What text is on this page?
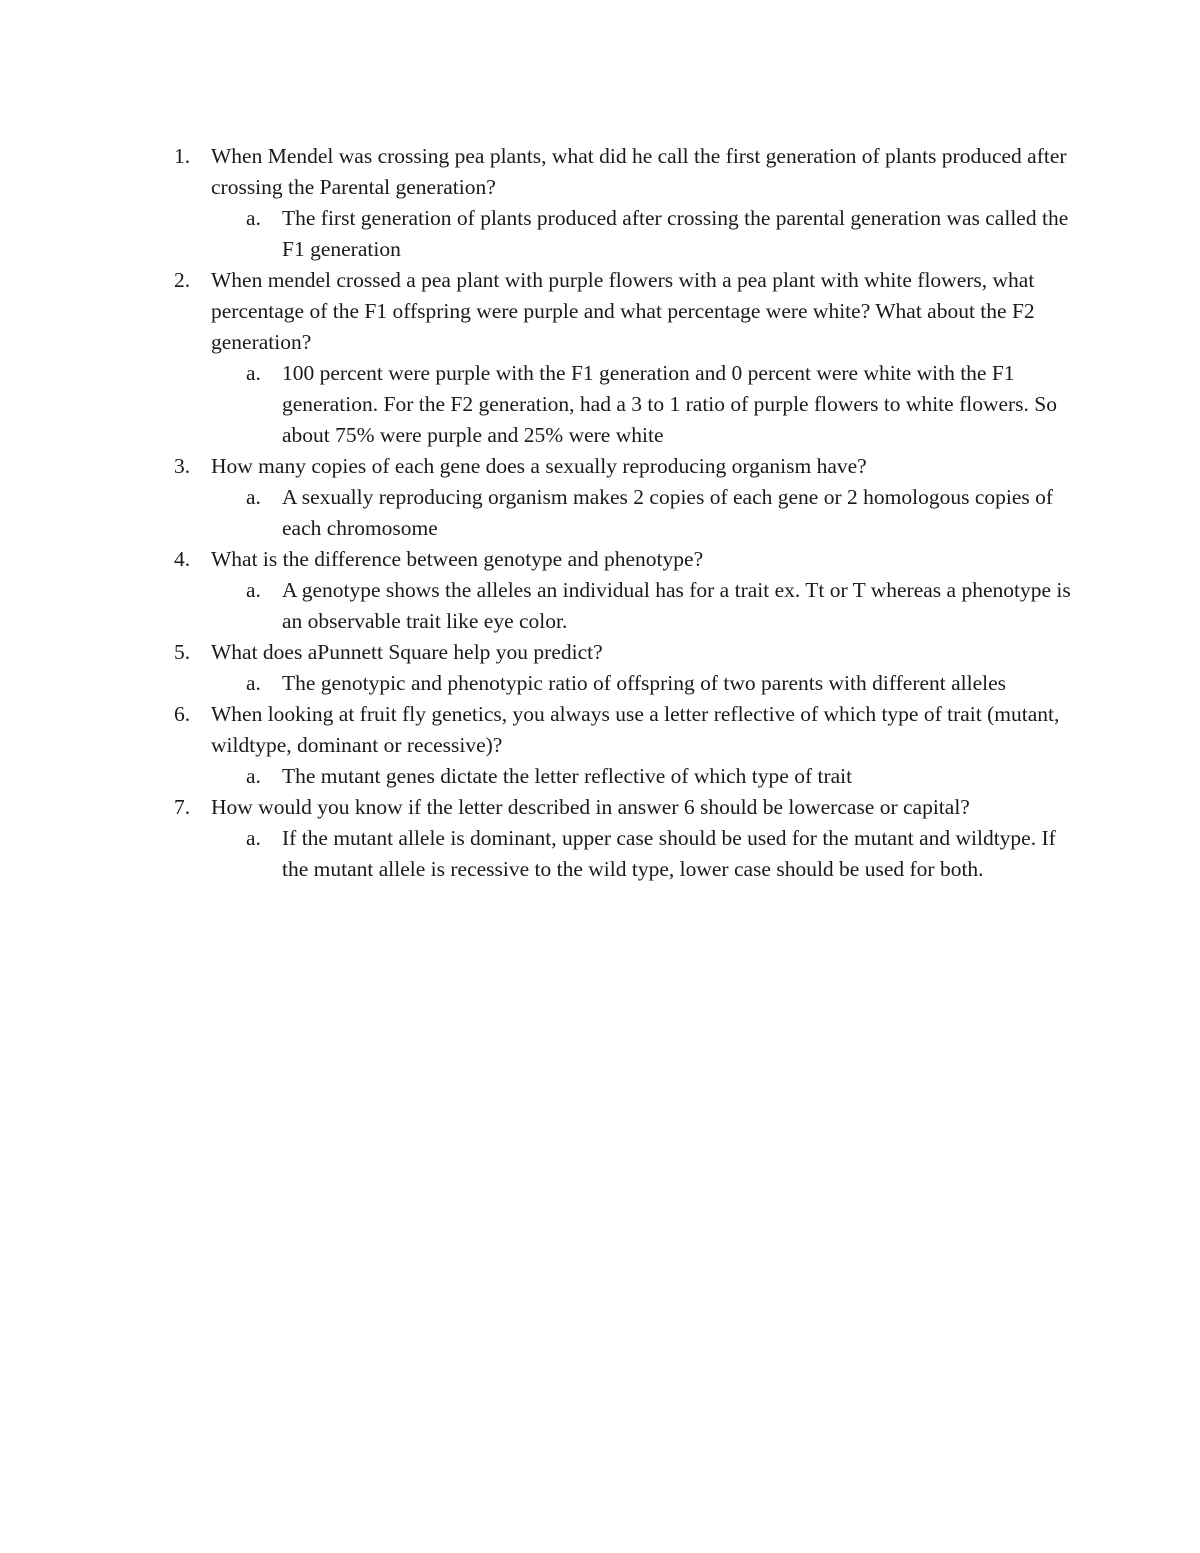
1. When Mendel was crossing pea plants, what did he call the first generation of plants produced after crossing the Parental generation?
a. The first generation of plants produced after crossing the parental generation was called the F1 generation
2. When mendel crossed a pea plant with purple flowers with a pea plant with white flowers, what percentage of the F1 offspring were purple and what percentage were white? What about the F2 generation?
a. 100 percent were purple with the F1 generation and 0 percent were white with the F1 generation. For the F2 generation, had a 3 to 1 ratio of purple flowers to white flowers. So about 75% were purple and 25% were white
3. How many copies of each gene does a sexually reproducing organism have?
a. A sexually reproducing organism makes 2 copies of each gene or 2 homologous copies of each chromosome
4. What is the difference between genotype and phenotype?
a. A genotype shows the alleles an individual has for a trait ex. Tt or T whereas a phenotype is an observable trait like eye color.
5. What does aPunnett Square help you predict?
a. The genotypic and phenotypic ratio of offspring of two parents with different alleles
6. When looking at fruit fly genetics, you always use a letter reflective of which type of trait (mutant, wildtype, dominant or recessive)?
a. The mutant genes dictate the letter reflective of which type of trait
7. How would you know if the letter described in answer 6 should be lowercase or capital?
a. If the mutant allele is dominant, upper case should be used for the mutant and wildtype. If the mutant allele is recessive to the wild type, lower case should be used for both.
